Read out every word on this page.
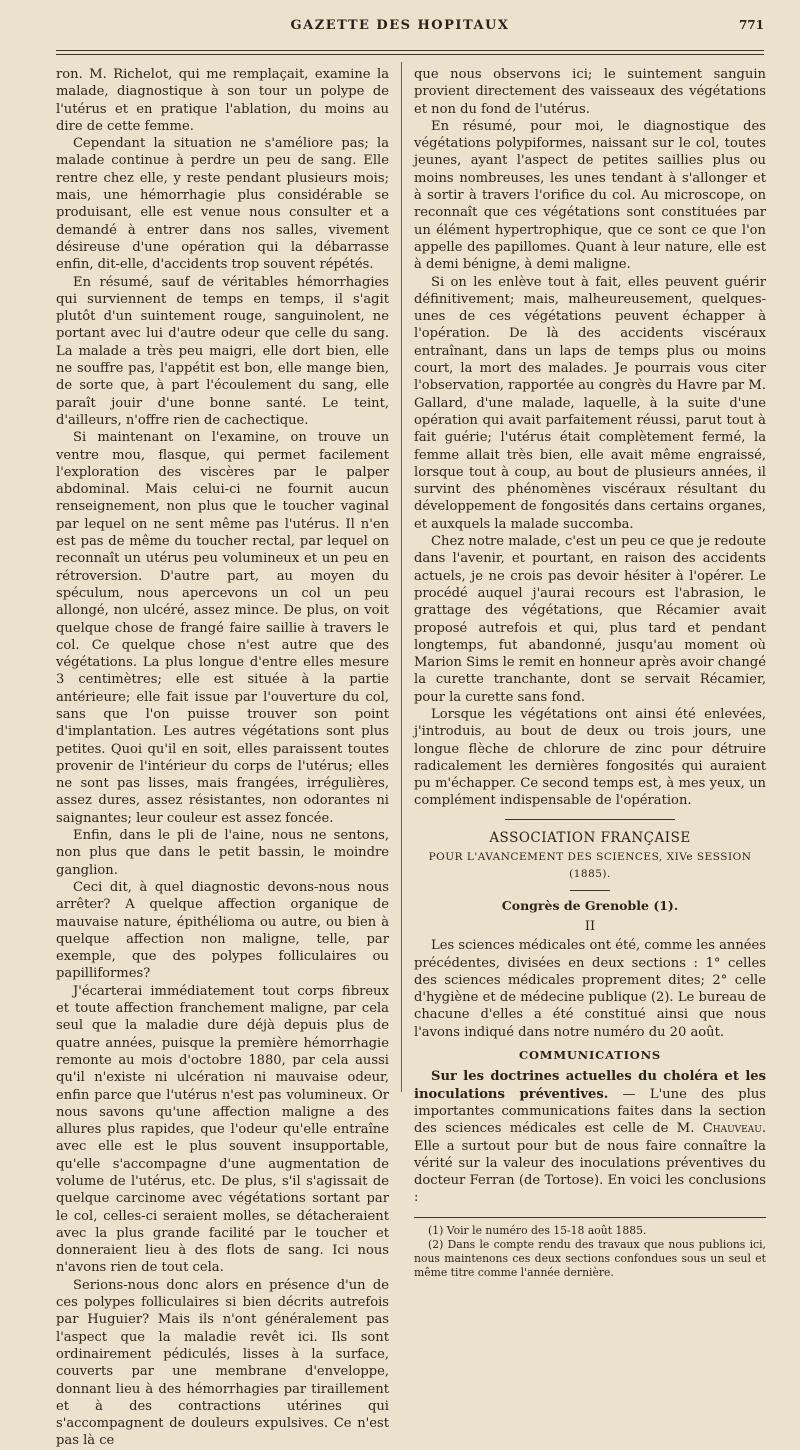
GAZETTE DES HOPITAUX	771

ron. M. Richelot, qui me remplaçait, examine la malade, diagnostique à son tour un polype de l'utérus et en pratique l'ablation, du moins au dire de cette femme.

Cependant la situation ne s'améliore pas; la malade continue à perdre un peu de sang. Elle rentre chez elle, y reste pendant plusieurs mois; mais, une hémorrhagie plus considérable se produisant, elle est venue nous consulter et a demandé à entrer dans nos salles, vivement désireuse d'une opération qui la débarrasse enfin, dit-elle, d'accidents trop souvent répétés.

En résumé, sauf de véritables hémorrhagies qui surviennent de temps en temps, il s'agit plutôt d'un suintement rouge, sanguinolent, ne portant avec lui d'autre odeur que celle du sang. La malade a très peu maigri, elle dort bien, elle ne souffre pas, l'appétit est bon, elle mange bien, de sorte que, à part l'écoulement du sang, elle paraît jouir d'une bonne santé. Le teint, d'ailleurs, n'offre rien de cachectique.

Si maintenant on l'examine, on trouve un ventre mou, flasque, qui permet facilement l'exploration des viscères par le palper abdominal. Mais celui-ci ne fournit aucun renseignement, non plus que le toucher vaginal par lequel on ne sent même pas l'utérus. Il n'en est pas de même du toucher rectal, par lequel on reconnaît un utérus peu volumineux et un peu en rétroversion. D'autre part, au moyen du spéculum, nous apercevons un col un peu allongé, non ulcéré, assez mince. De plus, on voit quelque chose de frangé faire saillie à travers le col. Ce quelque chose n'est autre que des végétations. La plus longue d'entre elles mesure 3 centimètres; elle est située à la partie antérieure; elle fait issue par l'ouverture du col, sans que l'on puisse trouver son point d'implantation. Les autres végétations sont plus petites. Quoi qu'il en soit, elles paraissent toutes provenir de l'intérieur du corps de l'utérus; elles ne sont pas lisses, mais frangées, irrégulières, assez dures, assez résistantes, non odorantes ni saignantes; leur couleur est assez foncée.

Enfin, dans le pli de l'aine, nous ne sentons, non plus que dans le petit bassin, le moindre ganglion.

Ceci dit, à quel diagnostic devons-nous nous arrêter? A quelque affection organique de mauvaise nature, épithélioma ou autre, ou bien à quelque affection non maligne, telle, par exemple, que des polypes folliculaires ou papilliformes?

J'écarterai immédiatement tout corps fibreux et toute affection franchement maligne, par cela seul que la maladie dure déjà depuis plus de quatre années, puisque la première hémorrhagie remonte au mois d'octobre 1880, par cela aussi qu'il n'existe ni ulcération ni mauvaise odeur, enfin parce que l'utérus n'est pas volumineux. Or nous savons qu'une affection maligne a des allures plus rapides, que l'odeur qu'elle entraîne avec elle est le plus souvent insupportable, qu'elle s'accompagne d'une augmentation de volume de l'utérus, etc. De plus, s'il s'agissait de quelque carcinome avec végétations sortant par le col, celles-ci seraient molles, se détacheraient avec la plus grande facilité par le toucher et donneraient lieu à des flots de sang. Ici nous n'avons rien de tout cela.

Serions-nous donc alors en présence d'un de ces polypes folliculaires si bien décrits autrefois par Huguier? Mais ils n'ont généralement pas l'aspect que la maladie revêt ici. Ils sont ordinairement pédiculés, lisses à la surface, couverts par une membrane d'enveloppe, donnant lieu à des hémorrhagies par tiraillement et à des contractions utérines qui s'accompagnent de douleurs expulsives. Ce n'est pas là ce

que nous observons ici; le suintement sanguin provient directement des vaisseaux des végétations et non du fond de l'utérus.

En résumé, pour moi, le diagnostique des végétations polypiformes, naissant sur le col, toutes jeunes, ayant l'aspect de petites saillies plus ou moins nombreuses, les unes tendant à s'allonger et à sortir à travers l'orifice du col. Au microscope, on reconnaît que ces végétations sont constituées par un élément hypertrophique, que ce sont ce que l'on appelle des papillomes. Quant à leur nature, elle est à demi bénigne, à demi maligne.

Si on les enlève tout à fait, elles peuvent guérir définitivement; mais, malheureusement, quelques-unes de ces végétations peuvent échapper à l'opération. De là des accidents viscéraux entraînant, dans un laps de temps plus ou moins court, la mort des malades. Je pourrais vous citer l'observation, rapportée au congrès du Havre par M. Gallard, d'une malade, laquelle, à la suite d'une opération qui avait parfaitement réussi, parut tout à fait guérie; l'utérus était complètement fermé, la femme allait très bien, elle avait même engraissé, lorsque tout à coup, au bout de plusieurs années, il survint des phénomènes viscéraux résultant du développement de fongosités dans certains organes, et auxquels la malade succomba.

Chez notre malade, c'est un peu ce que je redoute dans l'avenir, et pourtant, en raison des accidents actuels, je ne crois pas devoir hésiter à l'opérer. Le procédé auquel j'aurai recours est l'abrasion, le grattage des végétations, que Récamier avait proposé autrefois et qui, plus tard et pendant longtemps, fut abandonné, jusqu'au moment où Marion Sims le remit en honneur après avoir changé la curette tranchante, dont se servait Récamier, pour la curette sans fond.

Lorsque les végétations ont ainsi été enlevées, j'introduis, au bout de deux ou trois jours, une longue flèche de chlorure de zinc pour détruire radicalement les dernières fongosités qui auraient pu m'échapper. Ce second temps est, à mes yeux, un complément indispensable de l'opération.

ASSOCIATION FRANÇAISE

POUR L'AVANCEMENT DES SCIENCES, XIVe SESSION (1885).

Congrès de Grenoble (1).

II

Les sciences médicales ont été, comme les années précédentes, divisées en deux sections : 1° celles des sciences médicales proprement dites; 2° celle d'hygiène et de médecine publique (2). Le bureau de chacune d'elles a été constitué ainsi que nous l'avons indiqué dans notre numéro du 20 août.

COMMUNICATIONS

Sur les doctrines actuelles du choléra et les inoculations préventives. — L'une des plus importantes communications faites dans la section des sciences médicales est celle de M. Chauveau. Elle a surtout pour but de nous faire connaître la vérité sur la valeur des inoculations préventives du docteur Ferran (de Tortose). En voici les conclusions :

(1) Voir le numéro des 15-18 août 1885.

(2) Dans le compte rendu des travaux que nous publions ici, nous maintenons ces deux sections confondues sous un seul et même titre comme l'année dernière.
